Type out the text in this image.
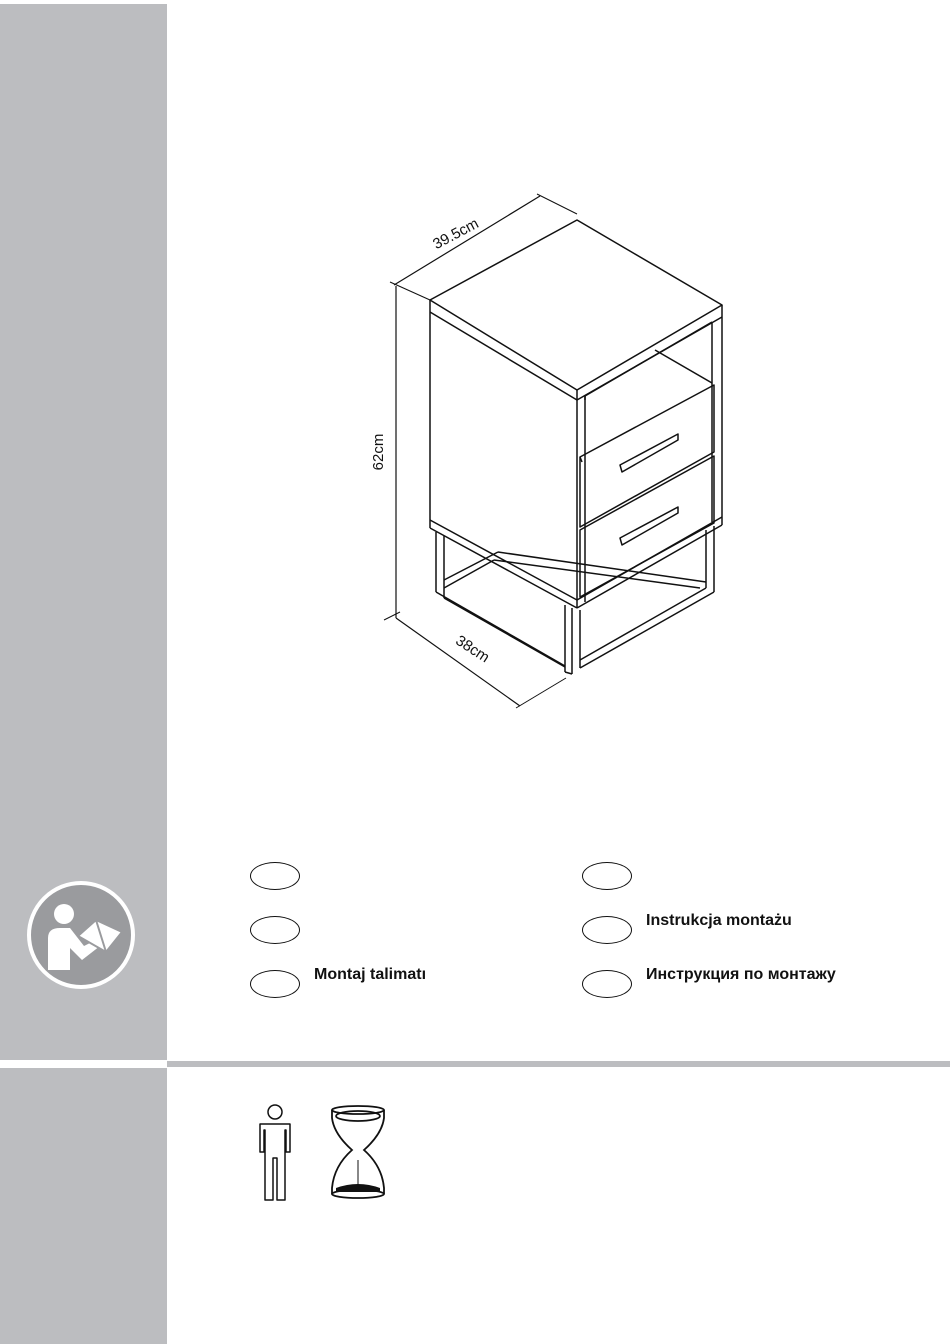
39.5cm
62cm
38cm
Montaj talimatı
Instrukcja montażu
Инструкция по монтажу
